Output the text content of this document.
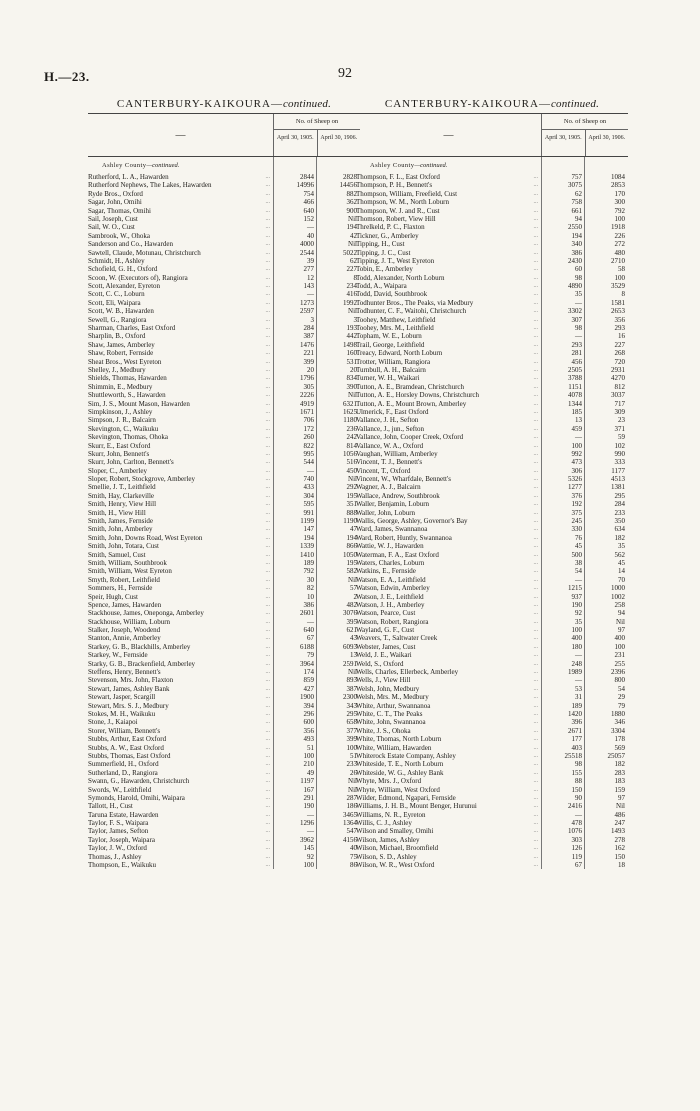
H.—23.	92
CANTERBURY-KAIKOURA—continued.
—
No. of Sheep on
April 30, 1905.	April 30, 1906.
Ashley County—continued.
Rutherford, L. A., Hawarden	...	2844	2828
Rutherford Nephews, The Lakes, Hawarden	...	14996	14456
Ryde Bros., Oxford	...	754	882
Sagar, John, Omihi	...	466	362
Sagar, Thomas, Omihi	...	640	900
Sail, Joseph, Cust	...	152	Nil
Sail, W. O., Cust	...	—	194
Sambrook, W., Ohoka	...	40	42
Sanderson and Co., Hawarden	...	4000	Nil
Sawtell, Claude, Motunau, Christchurch	...	2544	5022
Schmidt, H., Ashley	...	39	62
Schofield, G. H., Oxford	...	277	227
Scoon, W. (Executors of), Rangiora	...	12	8
Scott, Alexander, Eyreton	...	143	234
Scott, C. C., Loburn	...	—	416
Scott, Eli, Waipara	...	1273	1992
Scott, W. B., Hawarden	...	2597	Nil
Sewell, G., Rangiora	...	3	3
Sharman, Charles, East Oxford	...	284	193
Sharplin, B., Oxford	...	387	442
Shaw, James, Amberley	...	1476	1498
Shaw, Robert, Fernside	...	221	160
Sheat Bros., West Eyreton	...	399	531
Shelley, J., Medbury	...	20	20
Shields, Thomas, Hawarden	...	1796	834
Shimmin, E., Medbury	...	305	390
Shuttleworth, S., Hawarden	...	2226	Nil
Sim, J. S., Mount Mason, Hawarden	...	4919	6321
Simpkinson, J., Ashley	...	1671	1625
Simpson, J. R., Balcairn	...	706	1180
Skevington, C., Waikuku	...	172	236
Skevington, Thomas, Ohoka	...	260	242
Skurr, E., East Oxford	...	822	814
Skurr, John, Bennett's	...	995	1056
Skurr, John, Carlton, Bennett's	...	544	516
Sloper, C., Amberley	...	—	450
Sloper, Robert, Stockgrove, Amberley	...	740	Nil
Smellie, J. T., Leithfield	...	433	292
Smith, Hay, Clarkeville	...	304	195
Smith, Henry, View Hill	...	595	351
Smith, H., View Hill	...	991	888
Smith, James, Fernside	...	1199	1190
Smith, John, Amberley	...	147	47
Smith, John, Downs Road, West Eyreton	...	194	194
Smith, John, Totara, Cust	...	1339	866
Smith, Samuel, Cust	...	1410	1050
Smith, William, Southbrook	...	189	195
Smith, William, West Eyreton	...	792	582
Smyth, Robert, Leithfield	...	30	Nil
Sommers, H., Fernside	...	82	57
Speir, Hugh, Cust	...	10	2
Spence, James, Hawarden	...	386	482
Stackhouse, James, Oneponga, Amberley	...	2601	3076
Stackhouse, William, Loburn	...	—	395
Stalker, Joseph, Woodend	...	640	621
Stanton, Annie, Amberley	...	67	43
Starkey, G. B., Blackhills, Amberley	...	6188	6093
Starkey, W., Fernside	...	79	13
Starky, G. B., Brackenfield, Amberley	...	3964	2591
Steffens, Henry, Bennett's	...	174	Nil
Stevenson, Mrs. John, Flaxton	...	859	893
Stewart, James, Ashley Bank	...	427	387
Stewart, Jasper, Scargill	...	1900	2300
Stewart, Mrs. S. J., Medbury	...	394	343
Stokes, M. H., Waikuku	...	296	295
Stone, J., Kaiapoi	...	600	658
Storer, William, Bennett's	...	356	377
Stubbs, Arthur, East Oxford	...	493	399
Stubbs, A. W., East Oxford	...	51	100
Stubbs, Thomas, East Oxford	...	100	51
Summerfield, H., Oxford	...	210	233
Sutherland, D., Rangiora	...	49	26
Swann, G., Hawarden, Christchurch	...	1197	Nil
Swords, W., Leithfield	...	167	Nil
Symonds, Harold, Omihi, Waipara	...	291	287
Tallott, H., Cust	...	190	186
Taruna Estate, Hawarden	...	—	3465
Taylor, F. S., Waipara	...	1296	1364
Taylor, James, Sefton	...	—	547
Taylor, Joseph, Waipara	...	3962	4156
Taylor, J. W., Oxford	...	145	40
Thomas, J., Ashley	...	92	75
Thompson, E., Waikuku	...	100	86
CANTERBURY-KAIKOURA—continued.
—
No. of Sheep on
April 30, 1905.	April 30, 1906.
Ashley County—continued.
Thompson, F. L., East Oxford	...	757	1084
Thompson, P. H., Bennett's	...	3075	2853
Thompson, William, Freefield, Cust	...	62	170
Thompson, W. M., North Loburn	...	758	300
Thompson, W. J. and R., Cust	...	661	792
Thomson, Robert, View Hill	...	94	100
Threlkeld, P. C., Flaxton	...	2550	1918
Tickner, G., Amberley	...	194	226
Tipping, H., Cust	...	340	272
Tipping, J. C., Cust	...	386	480
Tipping, J. T., West Eyreton	...	2430	2710
Tobin, E., Amberley	...	60	58
Todd, Alexander, North Loburn	...	98	100
Todd, A., Waipara	...	4890	3529
Todd, David, Southbrook	...	35	8
Todhunter Bros., The Peaks, via Medbury	...	—	1581
Todhunter, C. F., Waitohi, Christchurch	...	3302	2653
Toohey, Matthew, Leithfield	...	307	356
Toohey, Mrs. M., Leithfield	...	98	293
Topham, W. E., Loburn	...	—	16
Trail, George, Leithfield	...	293	227
Treacy, Edward, North Loburn	...	281	268
Trotter, William, Rangiora	...	456	720
Turnbull, A. H., Balcairn	...	2505	2931
Turner, W. H., Waikari	...	3788	4270
Tutton, A. E., Bramdean, Christchurch	...	1151	812
Tutton, A. E., Horsley Downs, Christchurch	...	4078	3037
Tutton, A. E., Mount Brown, Amberley	...	1344	717
Ulmerick, F., East Oxford	...	185	309
Vallance, J. H., Sefton	...	13	23
Vallance, J., jun., Sefton	...	459	371
Vallance, John, Cooper Creek, Oxford	...	—	59
Vallance, W. A., Oxford	...	100	102
Vaughan, William, Amberley	...	992	990
Vincent, T. J., Bennett's	...	473	333
Vincent, T., Oxford	...	306	1177
Vincent, W., Wharfdale, Bennett's	...	5326	4513
Wagner, A. J., Balcairn	...	1277	1381
Wallace, Andrew, Southbrook	...	376	295
Waller, Benjamin, Loburn	...	192	284
Waller, John, Loburn	...	375	233
Wallis, George, Ashley, Governor's Bay	...	245	350
Ward, James, Swannanoa	...	330	634
Ward, Robert, Huntly, Swannanoa	...	76	182
Wattie, W. J., Hawarden	...	45	35
Waterman, F. A., East Oxford	...	500	562
Waters, Charles, Loburn	...	38	45
Watkins, E., Fernside	...	54	14
Watson, E. A., Leithfield	...	—	70
Watson, Edwin, Amberley	...	1215	1000
Watson, J. E., Leithfield	...	937	1002
Watson, J. H., Amberley	...	190	258
Watson, Pearce, Cust	...	92	94
Watson, Robert, Rangiora	...	35	Nil
Wayland, G. F., Cust	...	100	97
Weavers, T., Saltwater Creek	...	400	400
Webster, James, Cust	...	180	100
Weld, J. E., Waikari	...	—	231
Weld, S., Oxford	...	248	255
Wells, Charles, Ellerbeck, Amberley	...	1989	2396
Wells, J., View Hill	...	—	800
Welsh, John, Medbury	...	53	54
Welsh, Mrs. M., Medbury	...	31	29
White, Arthur, Swannanoa	...	189	79
White, C. T., The Peaks	...	1420	1880
White, John, Swannanoa	...	396	346
White, J. S., Ohoka	...	2671	3304
White, Thomas, North Loburn	...	177	178
White, William, Hawarden	...	403	569
Whiterock Estate Company, Ashley	...	25518	25057
Whiteside, T. E., North Loburn	...	98	182
Whiteside, W. G., Ashley Bank	...	155	283
Whyte, Mrs. J., Oxford	...	88	183
Whyte, William, West Oxford	...	150	159
Wilder, Edmond, Ngapari, Fernside	...	90	97
Williams, J. H. B., Mount Benger, Hurunui	...	2416	Nil
Williams, N. R., Eyreton	...	—	486
Willis, C. J., Ashley	...	478	247
Wilson and Smalley, Omihi	...	1076	1493
Wilson, James, Ashley	...	303	278
Wilson, Michael, Broomfield	...	126	162
Wilson, S. D., Ashley	...	119	150
Wilson, W. R., West Oxford	...	67	18
